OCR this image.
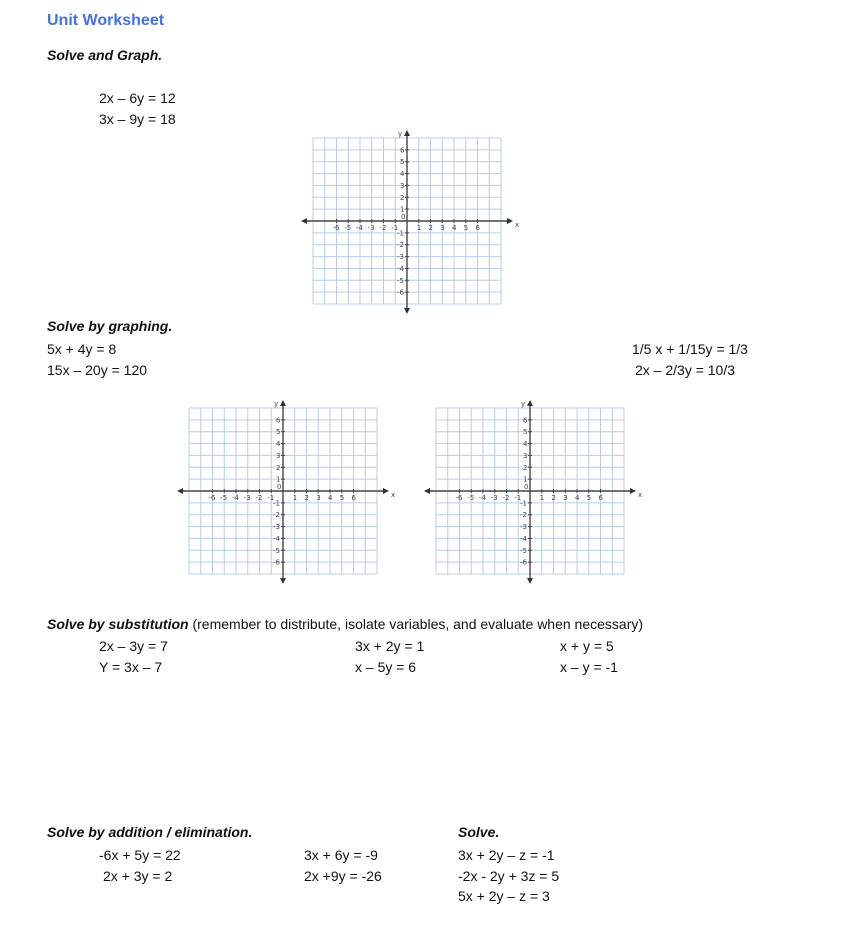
Unit Worksheet
Solve and Graph.
2x – 6y = 12
3x – 9y = 18
x
y
-6 -5 -4 -3 -2 -1	1 2 3 4 5 6
1
2
3
4
5
6
-1
-2
-3
-4
-5
-6
0
Solve by graphing.
5x + 4y = 8
15x – 20y = 120
1/5 x + 1/15y = 1/3
2x – 2/3y = 10/3
x
y
-6 -5 -4 -3 -2 -1	1 2 3 4 5 6
1
2
3
4
5
6
-1
-2
-3
-4
-5
-6
0
x
y
-6 -5 -4 -3 -2 -1	1 2 3 4 5 6
1
2
3
4
5
6
-1
-2
-3
-4
-5
-6
0
Solve by substitution (remember to distribute, isolate variables, and evaluate when necessary)
2x – 3y = 7
Y = 3x – 7
3x + 2y = 1
x – 5y = 6
x + y = 5
x – y = -1
Solve by addition / elimination.
-6x + 5y = 22
2x + 3y = 2
3x + 6y = -9
2x +9y = -26
Solve.
3x + 2y – z = -1
-2x - 2y + 3z = 5
5x + 2y – z = 3
